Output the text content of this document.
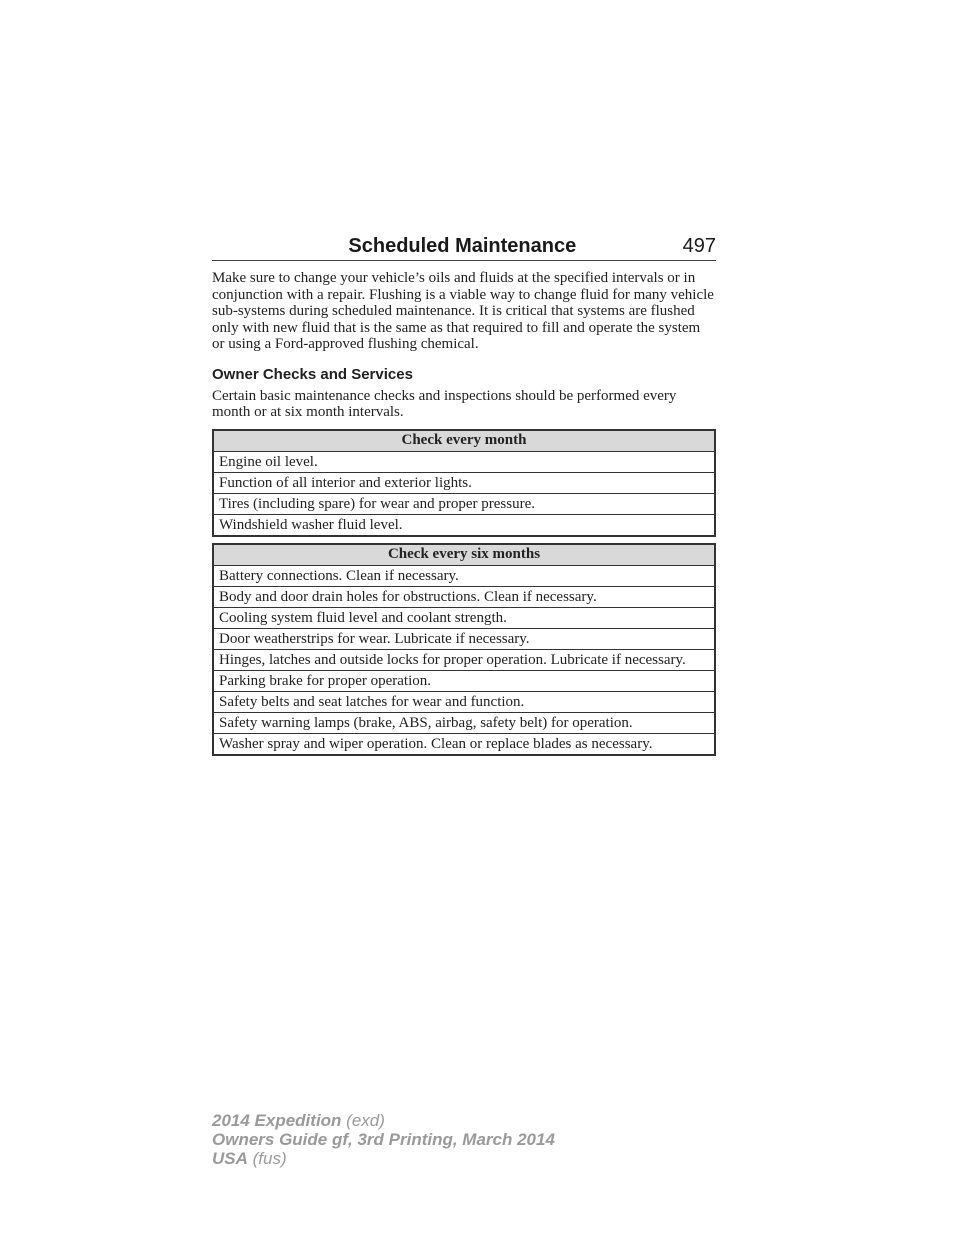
Scheduled Maintenance	497

Make sure to change your vehicle’s oils and fluids at the specified intervals or in conjunction with a repair. Flushing is a viable way to change fluid for many vehicle sub-systems during scheduled maintenance. It is critical that systems are flushed only with new fluid that is the same as that required to fill and operate the system or using a Ford-approved flushing chemical.

Owner Checks and Services

Certain basic maintenance checks and inspections should be performed every month or at six month intervals.

Check every month
Engine oil level.
Function of all interior and exterior lights.
Tires (including spare) for wear and proper pressure.
Windshield washer fluid level.
Check every six months
Battery connections. Clean if necessary.
Body and door drain holes for obstructions. Clean if necessary.
Cooling system fluid level and coolant strength.
Door weatherstrips for wear. Lubricate if necessary.
Hinges, latches and outside locks for proper operation. Lubricate if necessary.
Parking brake for proper operation.
Safety belts and seat latches for wear and function.
Safety warning lamps (brake, ABS, airbag, safety belt) for operation.
Washer spray and wiper operation. Clean or replace blades as necessary.
2014 Expedition (exd)
Owners Guide gf, 3rd Printing, March 2014
USA (fus)
